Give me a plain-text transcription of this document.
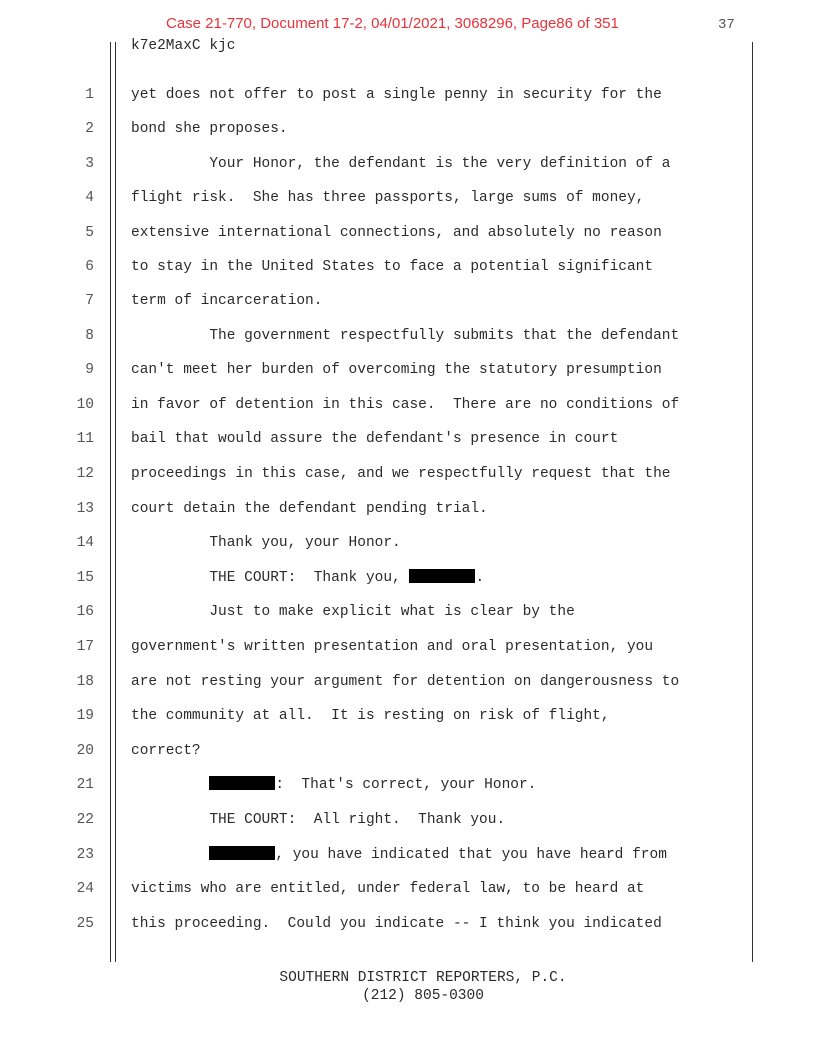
Case 21-770, Document 17-2, 04/01/2021, 3068296, Page86 of 351	37
k7e2MaxC kjc
1	yet does not offer to post a single penny in security for the
2	bond she proposes.
3	Your Honor, the defendant is the very definition of a
4	flight risk.  She has three passports, large sums of money,
5	extensive international connections, and absolutely no reason
6	to stay in the United States to face a potential significant
7	term of incarceration.
8	The government respectfully submits that the defendant
9	can't meet her burden of overcoming the statutory presumption
10	in favor of detention in this case.  There are no conditions of
11	bail that would assure the defendant's presence in court
12	proceedings in this case, and we respectfully request that the
13	court detain the defendant pending trial.
14	Thank you, your Honor.
15	THE COURT:  Thank you,	.
16	Just to make explicit what is clear by the
17	government's written presentation and oral presentation, you
18	are not resting your argument for detention on dangerousness to
19	the community at all.  It is resting on risk of flight,
20	correct?
21	:  That's correct, your Honor.
22	THE COURT:  All right.  Thank you.
23	, you have indicated that you have heard from
24	victims who are entitled, under federal law, to be heard at
25	this proceeding.  Could you indicate -- I think you indicated
SOUTHERN DISTRICT REPORTERS, P.C.
(212) 805-0300
